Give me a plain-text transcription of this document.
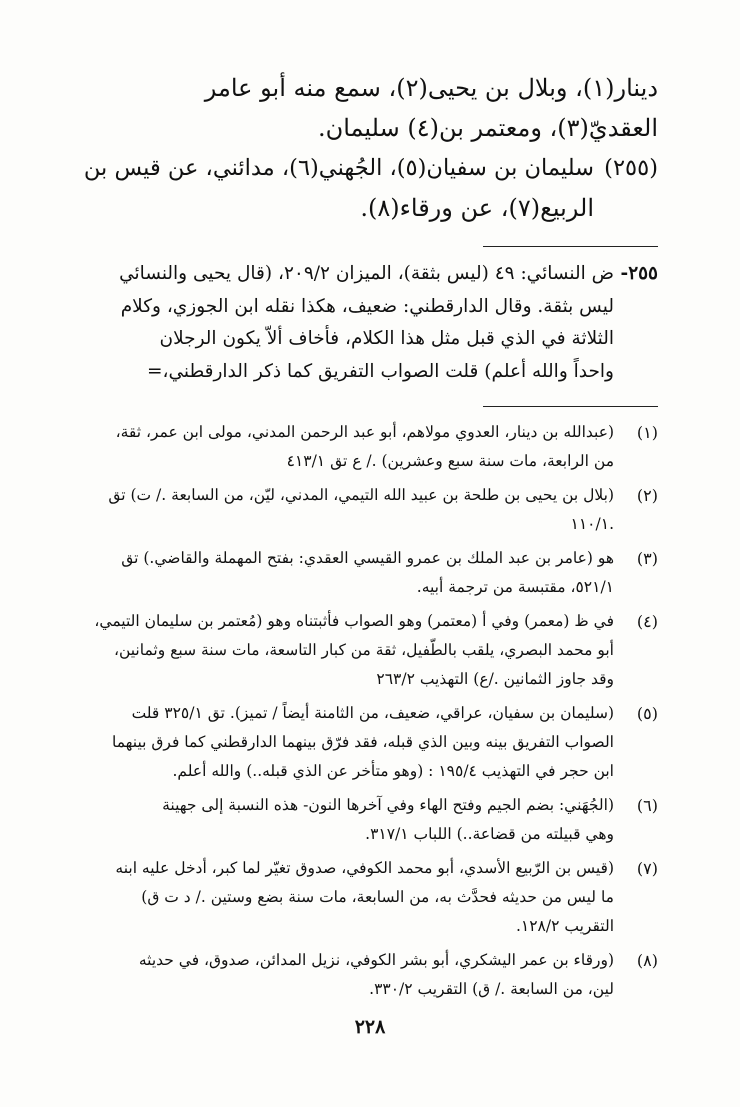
دينار(١)، وبلال بن يحيى(٢)، سمع منه أبو عامر

العقديّ(٣)، ومعتمر بن(٤) سليمان.

(٢٥٥)سليمان بن سفيان(٥)، الجُهني(٦)، مدائني، عن قيس بن

الربيع(٧)، عن ورقاء(٨).

٢٥٥-ض النسائي: ٤٩ (ليس بثقة)، الميزان ٢٠٩/٢، (قال يحيى والنسائي

ليس بثقة. وقال الدارقطني: ضعيف، هكذا نقله ابن الجوزي، وكلام

الثلاثة في الذي قبل مثل هذا الكلام، فأخاف ألاّ يكون الرجلان

واحداً والله أعلم) قلت الصواب التفريق كما ذكر الدارقطني،=

(١)

(عبدالله بن دينار، العدوي مولاهم، أبو عبد الرحمن المدني، مولى ابن عمر، ثقة،

من الرابعة، مات سنة سبع وعشرين) ./ ع تق ٤١٣/١

(٢)

(بلال بن يحيى بن طلحة بن عبيد الله التيمي، المدني، ليّن، من السابعة ./ ت) تق

.١١٠/١

(٣)

هو (عامر بن عبد الملك بن عمرو القيسي العقدي: بفتح المهملة والقاضي.) تق

٥٢١/١، مقتبسة من ترجمة أبيه.

(٤)

في ظ (معمر) وفي أ (معتمر) وهو الصواب فأثبتناه وهو (مُعتمر بن سليمان التيمي،

أبو محمد البصري، يلقب بالطّفيل، ثقة من كبار التاسعة، مات سنة سبع وثمانين،

وقد جاوز الثمانين ./ع) التهذيب ٢٦٣/٢

(٥)

(سليمان بن سفيان، عراقي، ضعيف، من الثامنة أيضاً / تميز). تق ٣٢٥/١ قلت

الصواب التفريق بينه وبين الذي قبله، فقد فرّق بينهما الدارقطني كما فرق بينهما

ابن حجر في التهذيب ١٩٥/٤ : (وهو متأخر عن الذي قبله..) والله أعلم.

(٦)

(الجُهَني: بضم الجيم وفتح الهاء وفي آخرها النون- هذه النسبة إلى جهينة

وهي قبيلته من قضاعة..) اللباب ٣١٧/١.

(٧)

(قيس بن الرّبيع الأسدي، أبو محمد الكوفي، صدوق تغيّر لما كبر، أدخل عليه ابنه

ما ليس من حديثه فحدَّث به، من السابعة، مات سنة بضع وستين ./ د ت ق)

التقريب ١٢٨/٢.

(٨)

(ورقاء بن عمر اليشكري، أبو بشر الكوفي، نزيل المدائن، صدوق، في حديثه

لين، من السابعة ./ ق) التقريب ٣٣٠/٢.

٢٢٨
